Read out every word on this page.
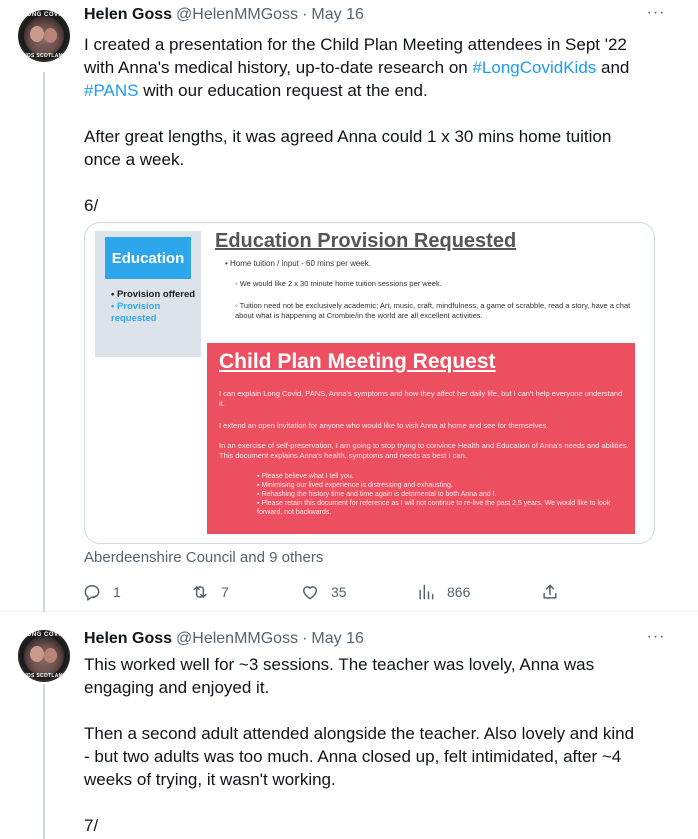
LONG COVID
KIDS SCOTLAND
Helen Goss @HelenMMGoss · May 16	···

I created a presentation for the Child Plan Meeting attendees in Sept '22

with Anna's medical history, up-to-date research on #LongCovidKids and

#PANS with our education request at the end.

After great lengths, it was agreed Anna could 1 x 30 mins home tuition

once a week.

6/

Education
• Provision offered
• Provision requested
Education Provision Requested
• Home tuition / input - 60 mins per week.
◦ We would like 2 x 30 minute home tuition sessions per week.
◦ Tuition need not be exclusively academic; Art, music, craft, mindfulness, a game of scrabble, read a story, have a chat about what is happening at Crombie/in the world are all excellent activities.
Child Plan Meeting Request
I can explain Long Covid, PANS, Anna's symptoms and how they affect her daily life, but I can't help everyone understand it.
I extend an open invitation for anyone who would like to visit Anna at home and see for themselves.
In an exercise of self-preservation, I am going to stop trying to convince Health and Education of Anna's needs and abilities. This document explains Anna's health, symptoms and needs as best I can.
▪ Please believe what I tell you.
▪ Minimising our lived experience is distressing and exhausting.
▪ Rehashing the history time and time again is detrimental to both Anna and I.
▪ Please retain this document for reference as I will not continue to re-live the past 2.5 years. We would like to look forward, not backwards.
Aberdeenshire Council and 9 others
1	7	35	866
LONG COVID
KIDS SCOTLAND
Helen Goss @HelenMMGoss · May 16	···

This worked well for ~3 sessions. The teacher was lovely, Anna was

engaging and enjoyed it.

Then a second adult attended alongside the teacher. Also lovely and kind

- but two adults was too much. Anna closed up, felt intimidated, after ~4

weeks of trying, it wasn't working.

7/
